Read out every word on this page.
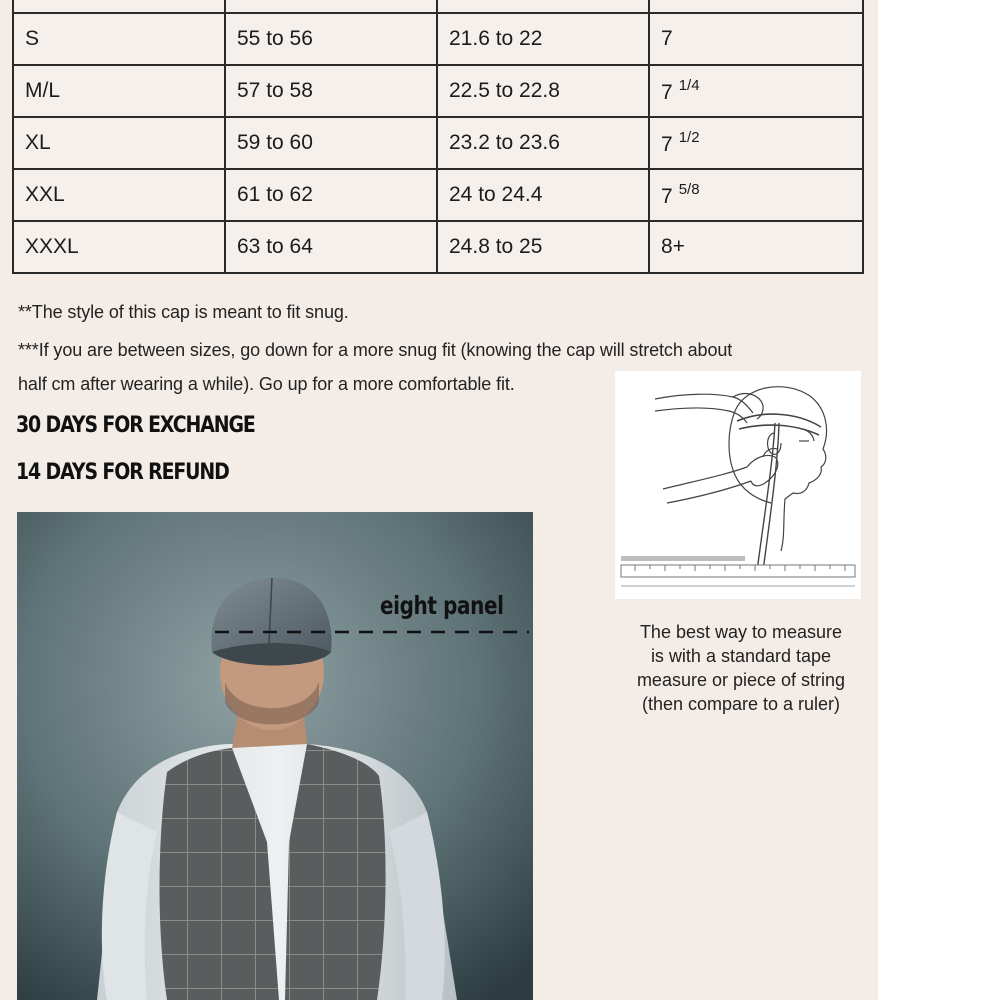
S	55 to 56	21.6 to 22	7
M/L	57 to 58	22.5 to 22.8	7 $^{1/4}$
XL	59 to 60	23.2 to 23.6	7 $^{1/2}$
XXL	61 to 62	24 to 24.4	7 $^{5/8}$
XXXL	63 to 64	24.8 to 25	8+
**The style of this cap is meant to fit snug.
***If you are between sizes, go down for a more snug fit (knowing the cap will stretch about
half cm after wearing a while). Go up for a more comfortable fit.
30 DAYS FOR EXCHANGE
14 DAYS FOR REFUND
The best way to measure
is with a standard tape
measure or piece of string
(then compare to a ruler)
eight panel
